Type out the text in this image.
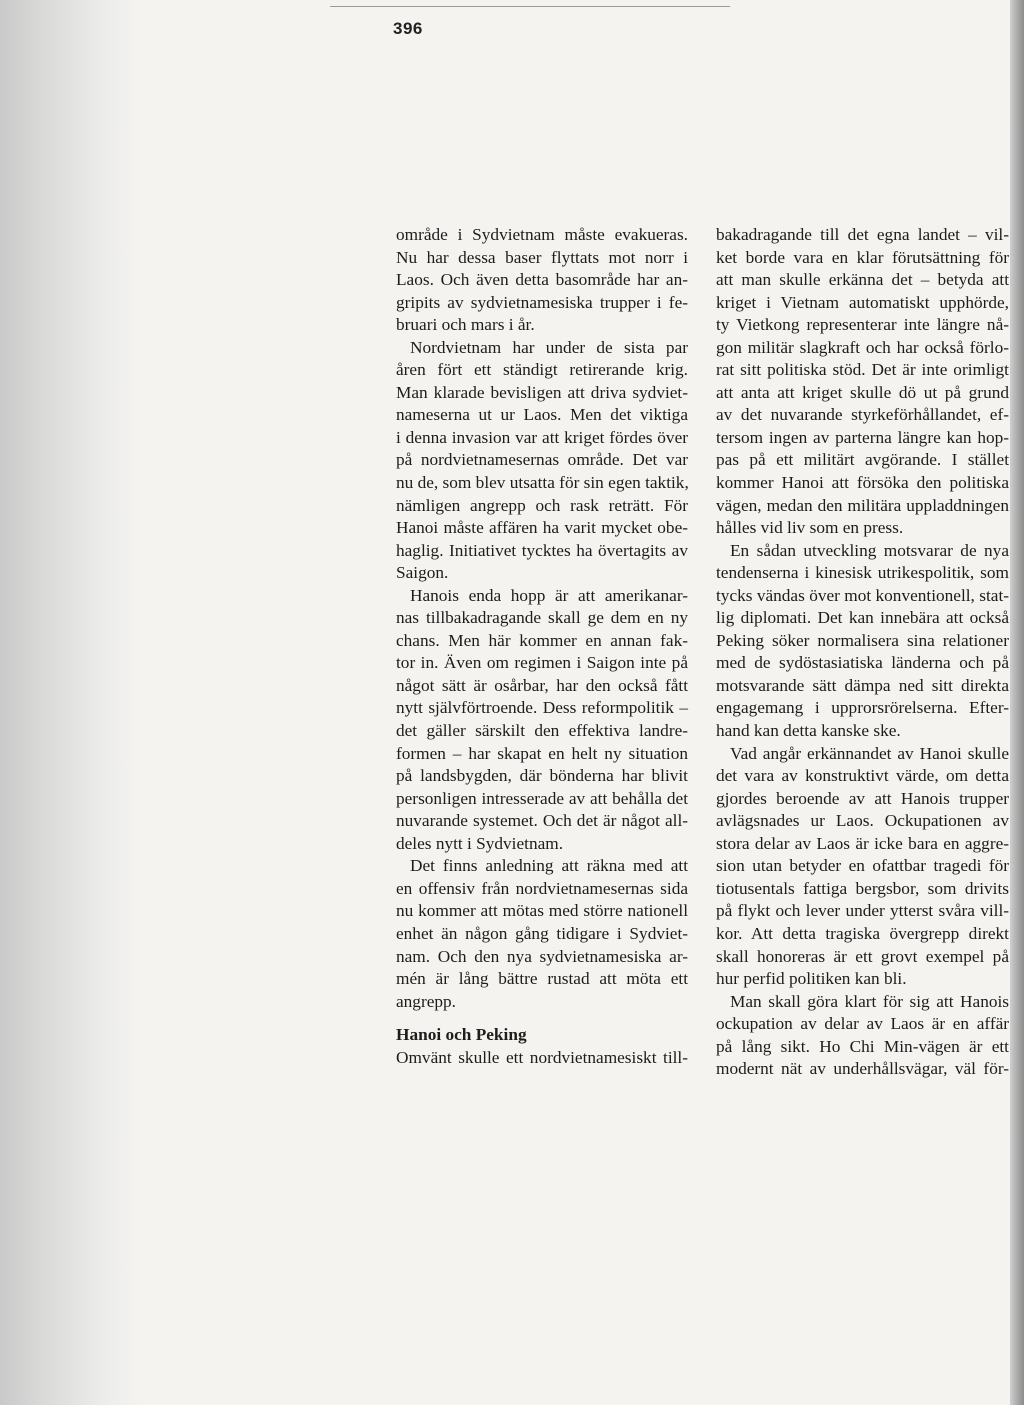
396
område i Sydvietnam måste evakueras.
Nu har dessa baser flyttats mot norr i
Laos. Och även detta basområde har an-
gripits av sydvietnamesiska trupper i fe-
bruari och mars i år.
Nordvietnam har under de sista par
åren fört ett ständigt retirerande krig.
Man klarade bevisligen att driva sydviet-
nameserna ut ur Laos. Men det viktiga
i denna invasion var att kriget fördes över
på nordvietnamesernas område. Det var
nu de, som blev utsatta för sin egen taktik,
nämligen angrepp och rask reträtt. För
Hanoi måste affären ha varit mycket obe-
haglig. Initiativet tycktes ha övertagits av
Saigon.
Hanois enda hopp är att amerikanar-
nas tillbakadragande skall ge dem en ny
chans. Men här kommer en annan fak-
tor in. Även om regimen i Saigon inte på
något sätt är osårbar, har den också fått
nytt självförtroende. Dess reformpolitik –
det gäller särskilt den effektiva landre-
formen – har skapat en helt ny situation
på landsbygden, där bönderna har blivit
personligen intresserade av att behålla det
nuvarande systemet. Och det är något all-
deles nytt i Sydvietnam.
Det finns anledning att räkna med att
en offensiv från nordvietnamesernas sida
nu kommer att mötas med större nationell
enhet än någon gång tidigare i Sydviet-
nam. Och den nya sydvietnamesiska ar-
mén är lång bättre rustad att möta ett
angrepp.
Hanoi och Peking
Omvänt skulle ett nordvietnamesiskt till-
bakadragande till det egna landet – vil-
ket borde vara en klar förutsättning för
att man skulle erkänna det – betyda att
kriget i Vietnam automatiskt upphörde,
ty Vietkong representerar inte längre nå-
gon militär slagkraft och har också förlo-
rat sitt politiska stöd. Det är inte orimligt
att anta att kriget skulle dö ut på grund
av det nuvarande styrkeförhållandet, ef-
tersom ingen av parterna längre kan hop-
pas på ett militärt avgörande. I stället
kommer Hanoi att försöka den politiska
vägen, medan den militära uppladdningen
hålles vid liv som en press.
En sådan utveckling motsvarar de nya
tendenserna i kinesisk utrikespolitik, som
tycks vändas över mot konventionell, stat-
lig diplomati. Det kan innebära att också
Peking söker normalisera sina relationer
med de sydöstasiatiska länderna och på
motsvarande sätt dämpa ned sitt direkta
engagemang i upprorsrörelserna. Efter-
hand kan detta kanske ske.
Vad angår erkännandet av Hanoi skulle
det vara av konstruktivt värde, om detta
gjordes beroende av att Hanois trupper
avlägsnades ur Laos. Ockupationen av
stora delar av Laos är icke bara en aggre-
sion utan betyder en ofattbar tragedi för
tiotusentals fattiga bergsbor, som drivits
på flykt och lever under ytterst svåra vill-
kor. Att detta tragiska övergrepp direkt
skall honoreras är ett grovt exempel på
hur perfid politiken kan bli.
Man skall göra klart för sig att Hanois
ockupation av delar av Laos är en affär
på lång sikt. Ho Chi Min-vägen är ett
modernt nät av underhållsvägar, väl för-
